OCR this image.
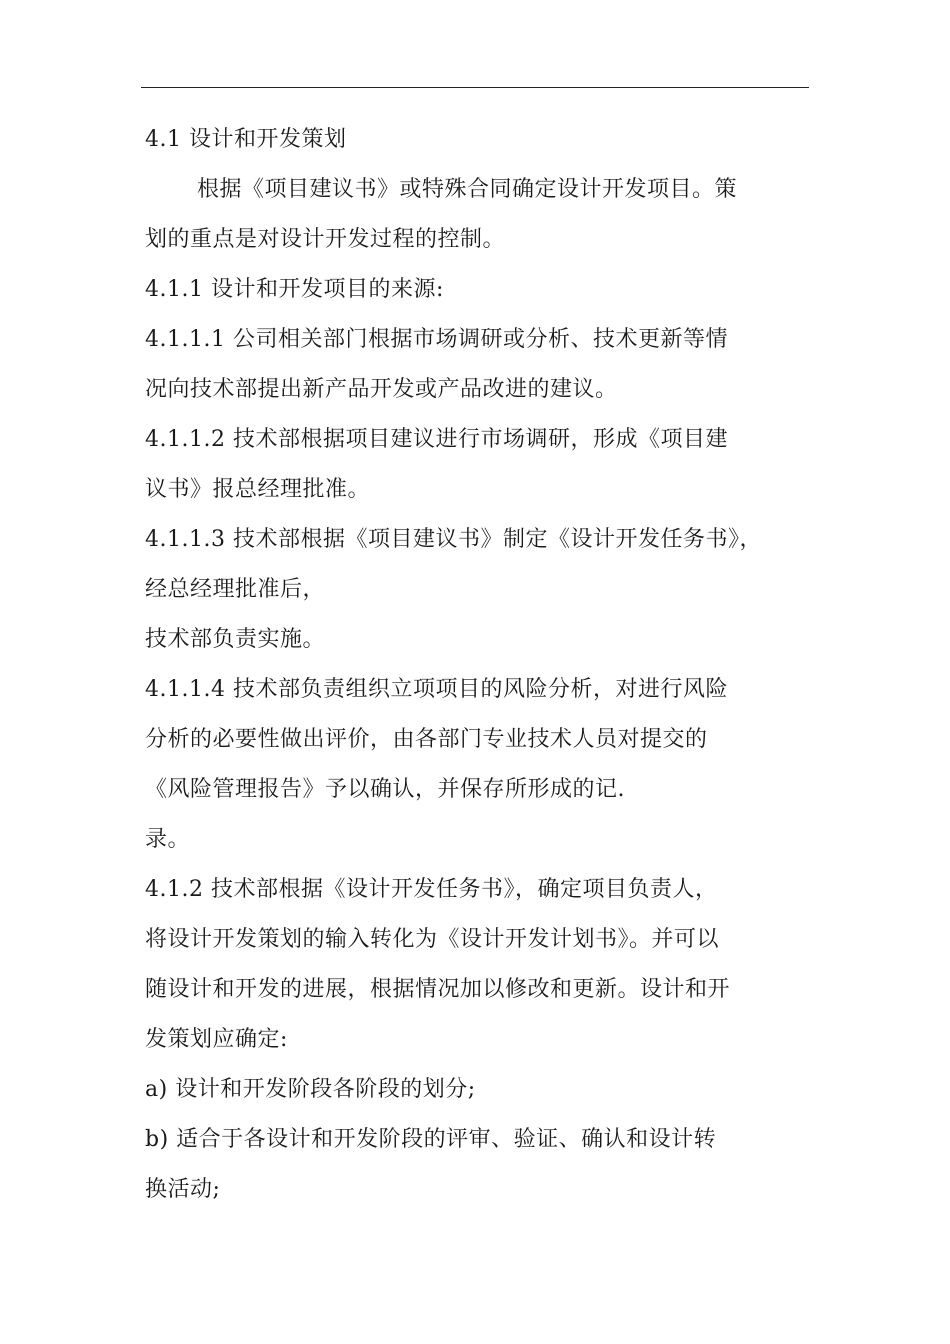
4.1 设计和开发策划
根据《项目建议书》或特殊合同确定设计开发项目。策
划的重点是对设计开发过程的控制。
4.1.1 设计和开发项目的来源:
4.1.1.1 公司相关部门根据市场调研或分析、技术更新等情
况向技术部提出新产品开发或产品改进的建议。
4.1.1.2 技术部根据项目建议进行市场调研，形成《项目建
议书》报总经理批准。
4.1.1.3 技术部根据《项目建议书》制定《设计开发任务书》，
经总经理批准后，
技术部负责实施。
4.1.1.4 技术部负责组织立项项目的风险分析，对进行风险
分析的必要性做出评价，由各部门专业技术人员对提交的
《风险管理报告》予以确认，并保存所形成的记.
录。
4.1.2 技术部根据《设计开发任务书》，确定项目负责人，
将设计开发策划的输入转化为《设计开发计划书》。并可以
随设计和开发的进展，根据情况加以修改和更新。设计和开
发策划应确定:
a) 设计和开发阶段各阶段的划分;
b) 适合于各设计和开发阶段的评审、验证、确认和设计转
换活动;
